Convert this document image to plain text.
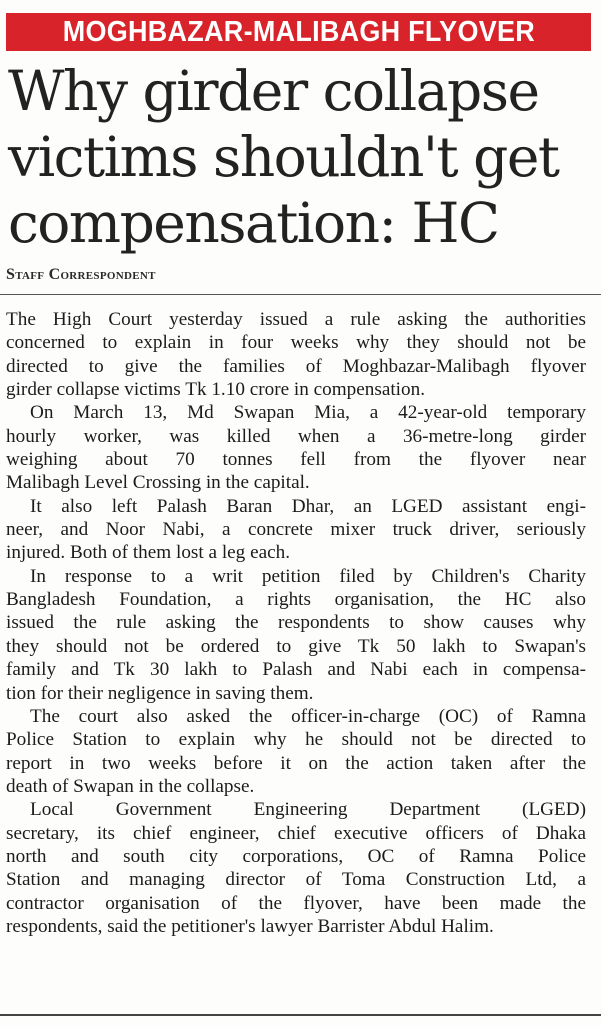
MOGHBAZAR-MALIBAGH FLYOVER
Why girder collapse
victims shouldn't get
compensation: HC
Staff Correspondent

The High Court yesterday issued a rule asking the authorities
concerned to explain in four weeks why they should not be
directed to give the families of Moghbazar-Malibagh flyover
girder collapse victims Tk 1.10 crore in compensation.

On March 13, Md Swapan Mia, a 42-year-old temporary
hourly worker, was killed when a 36-metre-long girder
weighing about 70 tonnes fell from the flyover near
Malibagh Level Crossing in the capital.

It also left Palash Baran Dhar, an LGED assistant engi-
neer, and Noor Nabi, a concrete mixer truck driver, seriously
injured. Both of them lost a leg each.

In response to a writ petition filed by Children's Charity
Bangladesh Foundation, a rights organisation, the HC also
issued the rule asking the respondents to show causes why
they should not be ordered to give Tk 50 lakh to Swapan's
family and Tk 30 lakh to Palash and Nabi each in compensa-
tion for their negligence in saving them.

The court also asked the officer-in-charge (OC) of Ramna
Police Station to explain why he should not be directed to
report in two weeks before it on the action taken after the
death of Swapan in the collapse.

Local Government Engineering Department (LGED)
secretary, its chief engineer, chief executive officers of Dhaka
north and south city corporations, OC of Ramna Police
Station and managing director of Toma Construction Ltd, a
contractor organisation of the flyover, have been made the
respondents, said the petitioner's lawyer Barrister Abdul Halim.
